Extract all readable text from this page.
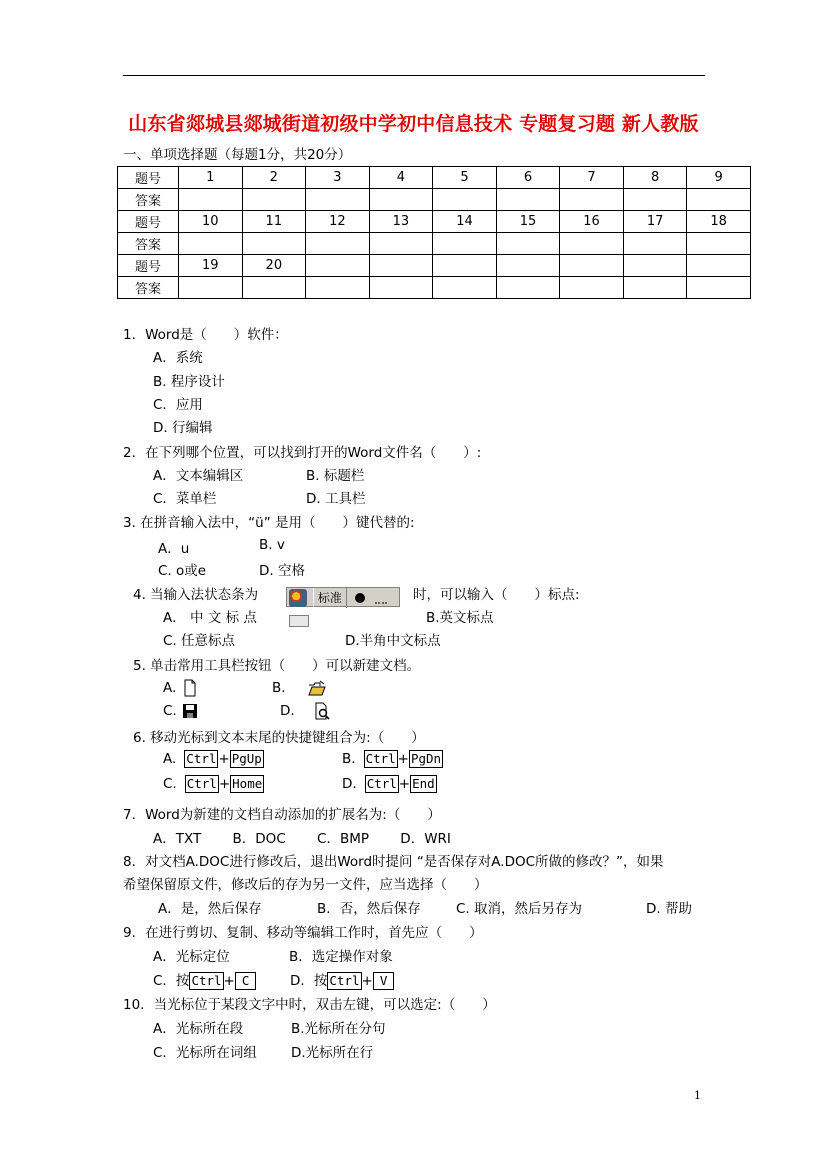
山东省郯城县郯城街道初级中学初中信息技术 专题复习题 新人教版
一、单项选择题（每题1分，共20分）
题号	1	2	3	4	5	6	7	8	9
答案									
题号	10	11	12	13	14	15	16	17	18
答案									
题号	19	20							
答案									
1．Word是（　　）软件：
A．系统
B. 程序设计
C．应用
D. 行编辑
2．在下列哪个位置，可以找到打开的Word文件名（　　）:
A．文本编辑区	B. 标题栏
C．菜单栏	D. 工具栏
3. 在拼音输入法中，“ü” 是用（　　）键代替的:
A．u	B. v
C. o或e	D. 空格
4. 当输入法状态条为	标准	时，可以输入（　　）标点:
A． 中 文 标 点	B.英文标点
C. 任意标点	D.半角中文标点
5. 单击常用工具栏按钮（　　）可以新建文档。
A.	B.
C.	D.
6. 移动光标到文本末尾的快捷键组合为:（　　）
A. Ctrl + PgUp	B. Ctrl + PgDn
C. Ctrl + Home	D. Ctrl + End
7．Word为新建的文档自动添加的扩展名为:（　　）
A．TXT　　 B．DOC　　 C．BMP　　 D．WRI
8．对文档A.DOC进行修改后，退出Word时提问 “是否保存对A.DOC所做的修改？”，如果
希望保留原文件，修改后的存为另一文件，应当选择（　　）
A．是，然后保存	B．否，然后保存	C. 取消，然后另存为	D. 帮助
9．在进行剪切、复制、移动等编辑工作时，首先应（　　）
A．光标定位	B．选定操作对象
C．按 Ctrl + C	D．按 Ctrl + V
10．当光标位于某段文字中时，双击左键，可以选定:（　　）
A．光标所在段	B.光标所在分句
C．光标所在词组	D.光标所在行
1
